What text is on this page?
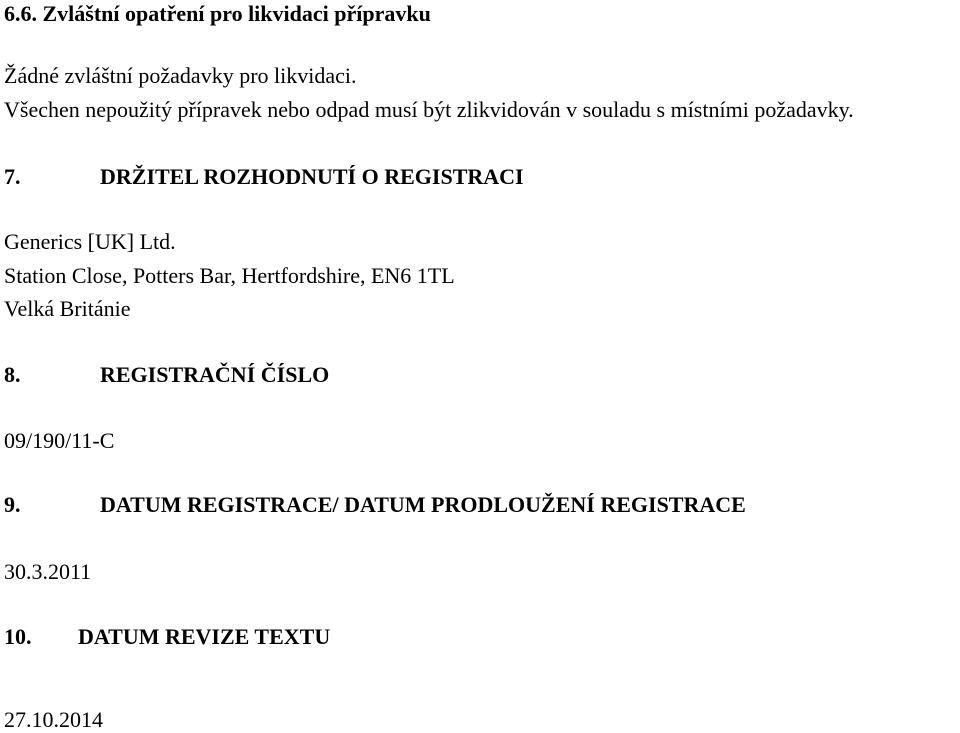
6.6. Zvláštní opatření pro likvidaci přípravku
Žádné zvláštní požadavky pro likvidaci.
Všechen nepoužitý přípravek nebo odpad musí být zlikvidován v souladu s místními požadavky.
7.	DRŽITEL ROZHODNUTÍ O REGISTRACI
Generics [UK] Ltd.
Station Close, Potters Bar, Hertfordshire, EN6 1TL
Velká Británie
8.	REGISTRAČNÍ ČÍSLO
09/190/11-C
9.	DATUM REGISTRACE/ DATUM PRODLOUŽENÍ REGISTRACE
30.3.2011
10. DATUM REVIZE TEXTU
27.10.2014
